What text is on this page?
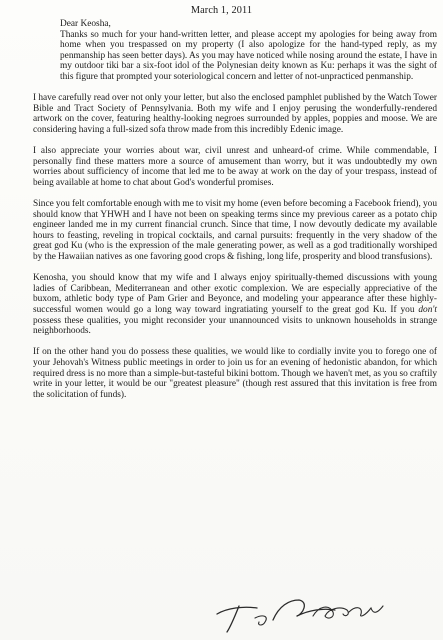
March 1, 2011

Dear Keosha,

Thanks so much for your hand-written letter, and please accept my apologies for being away from home when you trespassed on my property (I also apologize for the hand-typed reply, as my penmanship has seen better days). As you may have noticed while nosing around the estate, I have in my outdoor tiki bar a six-foot idol of the Polynesian deity known as Ku: perhaps it was the sight of this figure that prompted your soteriological concern and letter of not-unpracticed penmanship.

I have carefully read over not only your letter, but also the enclosed pamphlet published by the Watch Tower Bible and Tract Society of Pennsylvania. Both my wife and I enjoy perusing the wonderfully-rendered artwork on the cover, featuring healthy-looking negroes surrounded by apples, poppies and moose. We are considering having a full-sized sofa throw made from this incredibly Edenic image.

I also appreciate your worries about war, civil unrest and unheard-of crime. While commendable, I personally find these matters more a source of amusement than worry, but it was undoubtedly my own worries about sufficiency of income that led me to be away at work on the day of your trespass, instead of being available at home to chat about God's wonderful promises.

Since you felt comfortable enough with me to visit my home (even before becoming a Facebook friend), you should know that YHWH and I have not been on speaking terms since my previous career as a potato chip engineer landed me in my current financial crunch. Since that time, I now devoutly dedicate my available hours to feasting, reveling in tropical cocktails, and carnal pursuits: frequently in the very shadow of the great god Ku (who is the expression of the male generating power, as well as a god traditionally worshiped by the Hawaiian natives as one favoring good crops & fishing, long life, prosperity and blood transfusions).

Kenosha, you should know that my wife and I always enjoy spiritually-themed discussions with young ladies of Caribbean, Mediterranean and other exotic complexion. We are especially appreciative of the buxom, athletic body type of Pam Grier and Beyonce, and modeling your appearance after these highly-successful women would go a long way toward ingratiating yourself to the great god Ku. If you don't possess these qualities, you might reconsider your unannounced visits to unknown households in strange neighborhoods.

If on the other hand you do possess these qualities, we would like to cordially invite you to forego one of your Jehovah's Witness public meetings in order to join us for an evening of hedonistic abandon, for which required dress is no more than a simple-but-tasteful bikini bottom. Though we haven't met, as you so craftily write in your letter, it would be our "greatest pleasure" (though rest assured that this invitation is free from the solicitation of funds).
